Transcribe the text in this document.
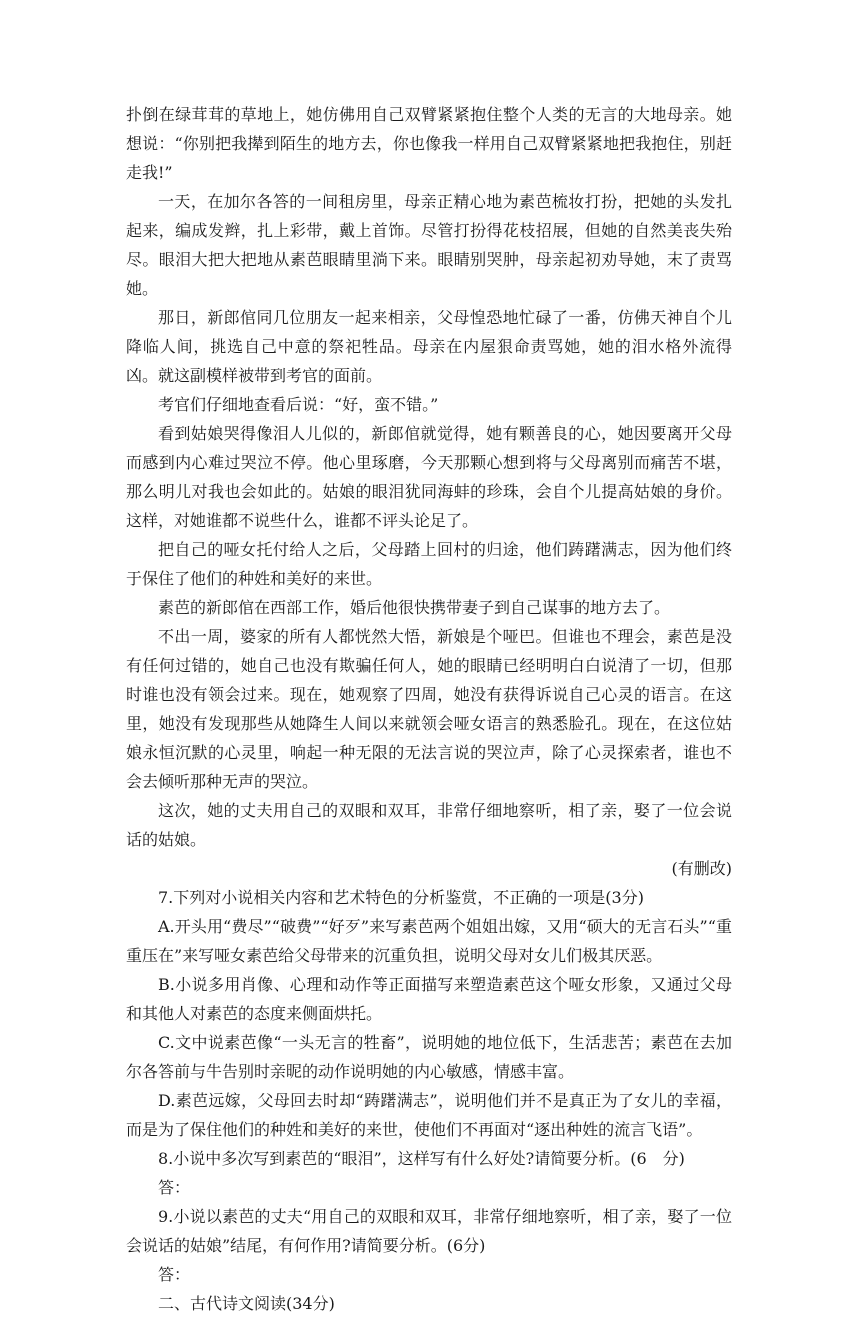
扑倒在绿茸茸的草地上，她仿佛用自己双臂紧紧抱住整个人类的无言的大地母亲。她想说：“你别把我撵到陌生的地方去，你也像我一样用自己双臂紧紧地把我抱住，别赶走我!”

一天，在加尔各答的一间租房里，母亲正精心地为素芭梳妆打扮，把她的头发扎起来，编成发辫，扎上彩带，戴上首饰。尽管打扮得花枝招展，但她的自然美丧失殆尽。眼泪大把大把地从素芭眼睛里淌下来。眼睛别哭肿，母亲起初劝导她，末了责骂她。

那日，新郎倌同几位朋友一起来相亲，父母惶恐地忙碌了一番，仿佛天神自个儿降临人间，挑选自己中意的祭祀牲品。母亲在内屋狠命责骂她，她的泪水格外流得凶。就这副模样被带到考官的面前。

考官们仔细地查看后说：“好，蛮不错。”

看到姑娘哭得像泪人儿似的，新郎倌就觉得，她有颗善良的心，她因要离开父母而感到内心难过哭泣不停。他心里琢磨，今天那颗心想到将与父母离别而痛苦不堪，那么明儿对我也会如此的。姑娘的眼泪犹同海蚌的珍珠，会自个儿提高姑娘的身价。这样，对她谁都不说些什么，谁都不评头论足了。

把自己的哑女托付给人之后，父母踏上回村的归途，他们踌躇满志，因为他们终于保住了他们的种姓和美好的来世。

素芭的新郎倌在西部工作，婚后他很快携带妻子到自己谋事的地方去了。

不出一周，婆家的所有人都恍然大悟，新娘是个哑巴。但谁也不理会，素芭是没有任何过错的，她自己也没有欺骗任何人，她的眼睛已经明明白白说清了一切，但那时谁也没有领会过来。现在，她观察了四周，她没有获得诉说自己心灵的语言。在这里，她没有发现那些从她降生人间以来就领会哑女语言的熟悉脸孔。现在，在这位姑娘永恒沉默的心灵里，响起一种无限的无法言说的哭泣声，除了心灵探索者，谁也不会去倾听那种无声的哭泣。

这次，她的丈夫用自己的双眼和双耳，非常仔细地察听，相了亲，娶了一位会说话的姑娘。

(有删改)

7.下列对小说相关内容和艺术特色的分析鉴赏，不正确的一项是(3分)

A.开头用“费尽”“破费”“好歹”来写素芭两个姐姐出嫁，又用“硕大的无言石头”“重重压在”来写哑女素芭给父母带来的沉重负担，说明父母对女儿们极其厌恶。

B.小说多用肖像、心理和动作等正面描写来塑造素芭这个哑女形象，又通过父母和其他人对素芭的态度来侧面烘托。

C.文中说素芭像“一头无言的牲畜”，说明她的地位低下，生活悲苦；素芭在去加尔各答前与牛告别时亲昵的动作说明她的内心敏感，情感丰富。

D.素芭远嫁，父母回去时却“踌躇满志”，说明他们并不是真正为了女儿的幸福，而是为了保住他们的种姓和美好的来世，使他们不再面对“逐出种姓的流言飞语”。

8.小说中多次写到素芭的“眼泪”，这样写有什么好处?请简要分析。(6　分)

答：

9.小说以素芭的丈夫“用自己的双眼和双耳，非常仔细地察听，相了亲，娶了一位会说话的姑娘”结尾，有何作用?请简要分析。(6分)

答：

二、古代诗文阅读(34分)
